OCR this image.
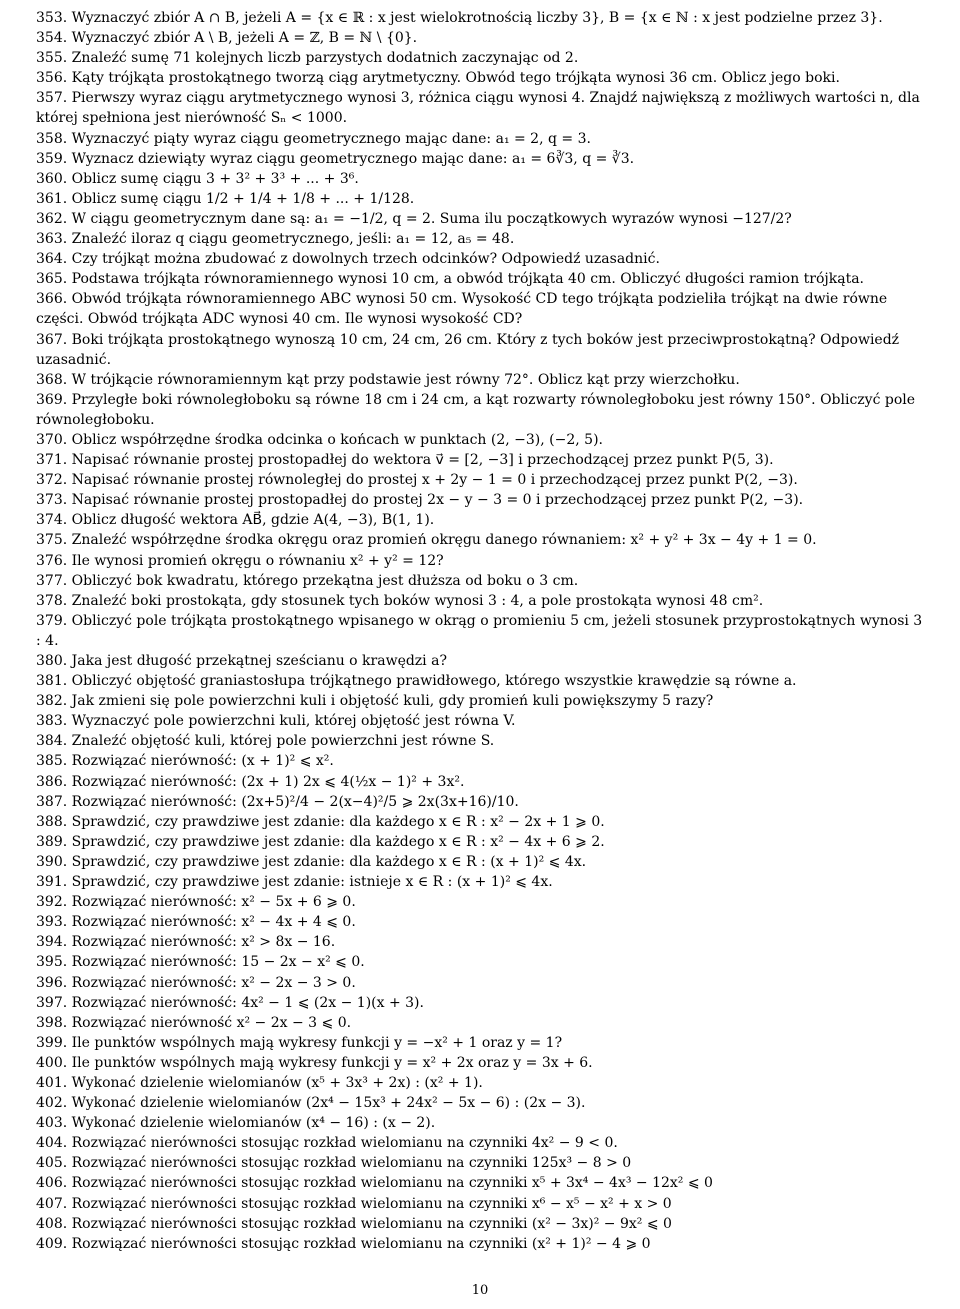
353. Wyznaczyć zbiór A ∩ B, jeżeli A = {x ∈ ℝ : x jest wielokrotnością liczby 3}, B = {x ∈ ℕ : x jest podzielne przez 3}.
354. Wyznaczyć zbiór A \ B, jeżeli A = ℤ, B = ℕ \ {0}.
355. Znaleźć sumę 71 kolejnych liczb parzystych dodatnich zaczynając od 2.
356. Kąty trójkąta prostokątnego tworzą ciąg arytmetyczny. Obwód tego trójkąta wynosi 36 cm. Oblicz jego boki.
357. Pierwszy wyraz ciągu arytmetycznego wynosi 3, różnica ciągu wynosi 4. Znajdź największą z możliwych wartości n, dla której spełniona jest nierówność Sₙ < 1000.
358. Wyznaczyć piąty wyraz ciągu geometrycznego mając dane: a₁ = 2, q = 3.
359. Wyznacz dziewiąty wyraz ciągu geometrycznego mając dane: a₁ = 6∛3, q = ∛3.
360. Oblicz sumę ciągu 3 + 3² + 3³ + ... + 3⁶.
361. Oblicz sumę ciągu 1/2 + 1/4 + 1/8 + ... + 1/128.
362. W ciągu geometrycznym dane są: a₁ = −1/2, q = 2. Suma ilu początkowych wyrazów wynosi −127/2?
363. Znaleźć iloraz q ciągu geometrycznego, jeśli: a₁ = 12, a₅ = 48.
364. Czy trójkąt można zbudować z dowolnych trzech odcinków? Odpowiedź uzasadnić.
365. Podstawa trójkąta równoramiennego wynosi 10 cm, a obwód trójkąta 40 cm. Obliczyć długości ramion trójkąta.
366. Obwód trójkąta równoramiennego ABC wynosi 50 cm. Wysokość CD tego trójkąta podzieliła trójkąt na dwie równe części. Obwód trójkąta ADC wynosi 40 cm. Ile wynosi wysokość CD?
367. Boki trójkąta prostokątnego wynoszą 10 cm, 24 cm, 26 cm. Który z tych boków jest przeciwprostokątną? Odpowiedź uzasadnić.
368. W trójkącie równoramiennym kąt przy podstawie jest równy 72°. Oblicz kąt przy wierzchołku.
369. Przyległe boki równoległoboku są równe 18 cm i 24 cm, a kąt rozwarty równoległoboku jest równy 150°. Obliczyć pole równoległoboku.
370. Oblicz współrzędne środka odcinka o końcach w punktach (2, −3), (−2, 5).
371. Napisać równanie prostej prostopadłej do wektora v⃗ = [2, −3] i przechodzącej przez punkt P(5, 3).
372. Napisać równanie prostej równoległej do prostej x + 2y − 1 = 0 i przechodzącej przez punkt P(2, −3).
373. Napisać równanie prostej prostopadłej do prostej 2x − y − 3 = 0 i przechodzącej przez punkt P(2, −3).
374. Oblicz długość wektora AB⃗, gdzie A(4, −3), B(1, 1).
375. Znaleźć współrzędne środka okręgu oraz promień okręgu danego równaniem: x² + y² + 3x − 4y + 1 = 0.
376. Ile wynosi promień okręgu o równaniu x² + y² = 12?
377. Obliczyć bok kwadratu, którego przekątna jest dłuższa od boku o 3 cm.
378. Znaleźć boki prostokąta, gdy stosunek tych boków wynosi 3 : 4, a pole prostokąta wynosi 48 cm².
379. Obliczyć pole trójkąta prostokątnego wpisanego w okrąg o promieniu 5 cm, jeżeli stosunek przyprostokątnych wynosi 3 : 4.
380. Jaka jest długość przekątnej sześcianu o krawędzi a?
381. Obliczyć objętość graniastosłupa trójkątnego prawidłowego, którego wszystkie krawędzie są równe a.
382. Jak zmieni się pole powierzchni kuli i objętość kuli, gdy promień kuli powiększymy 5 razy?
383. Wyznaczyć pole powierzchni kuli, której objętość jest równa V.
384. Znaleźć objętość kuli, której pole powierzchni jest równe S.
385. Rozwiązać nierówność: (x + 1)² ⩽ x².
386. Rozwiązać nierówność: (2x + 1) 2x ⩽ 4(½x − 1)² + 3x².
387. Rozwiązać nierówność: (2x+5)²/4 − 2(x−4)²/5 ⩾ 2x(3x+16)/10.
388. Sprawdzić, czy prawdziwe jest zdanie: dla każdego x ∈ R : x² − 2x + 1 ⩾ 0.
389. Sprawdzić, czy prawdziwe jest zdanie: dla każdego x ∈ R : x² − 4x + 6 ⩾ 2.
390. Sprawdzić, czy prawdziwe jest zdanie: dla każdego x ∈ R : (x + 1)² ⩽ 4x.
391. Sprawdzić, czy prawdziwe jest zdanie: istnieje x ∈ R : (x + 1)² ⩽ 4x.
392. Rozwiązać nierówność: x² − 5x + 6 ⩾ 0.
393. Rozwiązać nierówność: x² − 4x + 4 ⩽ 0.
394. Rozwiązać nierówność: x² > 8x − 16.
395. Rozwiązać nierówność: 15 − 2x − x² ⩽ 0.
396. Rozwiązać nierówność: x² − 2x − 3 > 0.
397. Rozwiązać nierówność: 4x² − 1 ⩽ (2x − 1)(x + 3).
398. Rozwiązać nierówność x² − 2x − 3 ⩽ 0.
399. Ile punktów wspólnych mają wykresy funkcji y = −x² + 1 oraz y = 1?
400. Ile punktów wspólnych mają wykresy funkcji y = x² + 2x oraz y = 3x + 6.
401. Wykonać dzielenie wielomianów (x⁵ + 3x³ + 2x) : (x² + 1).
402. Wykonać dzielenie wielomianów (2x⁴ − 15x³ + 24x² − 5x − 6) : (2x − 3).
403. Wykonać dzielenie wielomianów (x⁴ − 16) : (x − 2).
404. Rozwiązać nierówności stosując rozkład wielomianu na czynniki 4x² − 9 < 0.
405. Rozwiązać nierówności stosując rozkład wielomianu na czynniki 125x³ − 8 > 0
406. Rozwiązać nierówności stosując rozkład wielomianu na czynniki x⁵ + 3x⁴ − 4x³ − 12x² ⩽ 0
407. Rozwiązać nierówności stosując rozkład wielomianu na czynniki x⁶ − x⁵ − x² + x > 0
408. Rozwiązać nierówności stosując rozkład wielomianu na czynniki (x² − 3x)² − 9x² ⩽ 0
409. Rozwiązać nierówności stosując rozkład wielomianu na czynniki (x² + 1)² − 4 ⩾ 0
10
